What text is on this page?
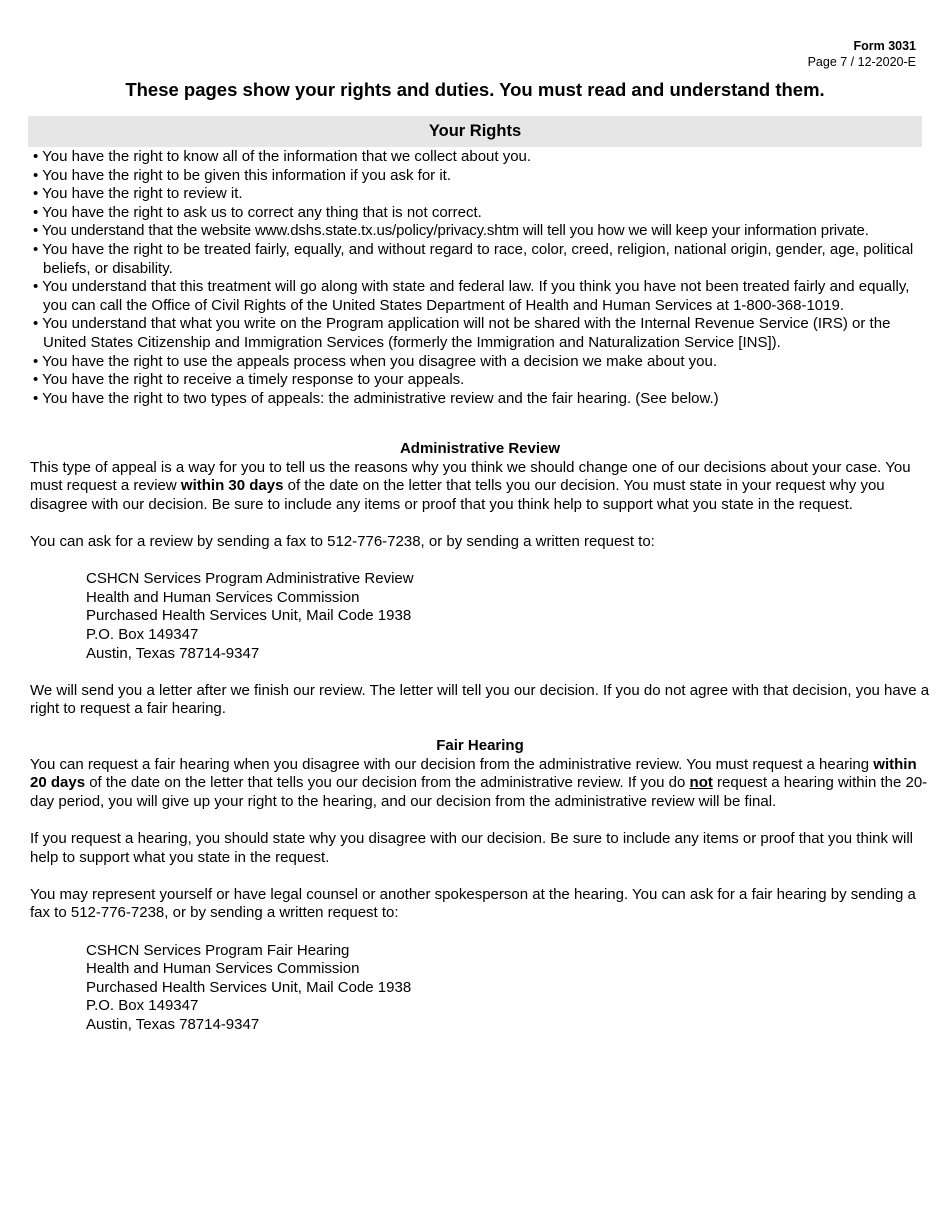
Form 3031
Page 7 / 12-2020-E
These pages show your rights and duties. You must read and understand them.
Your Rights
• You have the right to know all of the information that we collect about you.
• You have the right to be given this information if you ask for it.
• You have the right to review it.
• You have the right to ask us to correct any thing that is not correct.
• You understand that the website www.dshs.state.tx.us/policy/privacy.shtm will tell you how we will keep your information private.
• You have the right to be treated fairly, equally, and without regard to race, color, creed, religion, national origin, gender, age, political beliefs, or disability.
• You understand that this treatment will go along with state and federal law. If you think you have not been treated fairly and equally, you can call the Office of Civil Rights of the United States Department of Health and Human Services at 1-800-368-1019.
• You understand that what you write on the Program application will not be shared with the Internal Revenue Service (IRS) or the United States Citizenship and Immigration Services (formerly the Immigration and Naturalization Service [INS]).
• You have the right to use the appeals process when you disagree with a decision we make about you.
• You have the right to receive a timely response to your appeals.
• You have the right to two types of appeals: the administrative review and the fair hearing. (See below.)
Administrative Review

This type of appeal is a way for you to tell us the reasons why you think we should change one of our decisions about your case. You must request a review within 30 days of the date on the letter that tells you our decision. You must state in your request why you disagree with our decision. Be sure to include any items or proof that you think help to support what you state in the request.

You can ask for a review by sending a fax to 512-776-7238, or by sending a written request to:

CSHCN Services Program Administrative Review
Health and Human Services Commission
Purchased Health Services Unit, Mail Code 1938
P.O. Box 149347
Austin, Texas 78714-9347

We will send you a letter after we finish our review. The letter will tell you our decision. If you do not agree with that decision, you have a right to request a fair hearing.

Fair Hearing

You can request a fair hearing when you disagree with our decision from the administrative review. You must request a hearing within 20 days of the date on the letter that tells you our decision from the administrative review. If you do not request a hearing within the 20-day period, you will give up your right to the hearing, and our decision from the administrative review will be final.

If you request a hearing, you should state why you disagree with our decision. Be sure to include any items or proof that you think will help to support what you state in the request.

You may represent yourself or have legal counsel or another spokesperson at the hearing. You can ask for a fair hearing by sending a fax to 512-776-7238, or by sending a written request to:

CSHCN Services Program Fair Hearing
Health and Human Services Commission
Purchased Health Services Unit, Mail Code 1938
P.O. Box 149347
Austin, Texas 78714-9347
